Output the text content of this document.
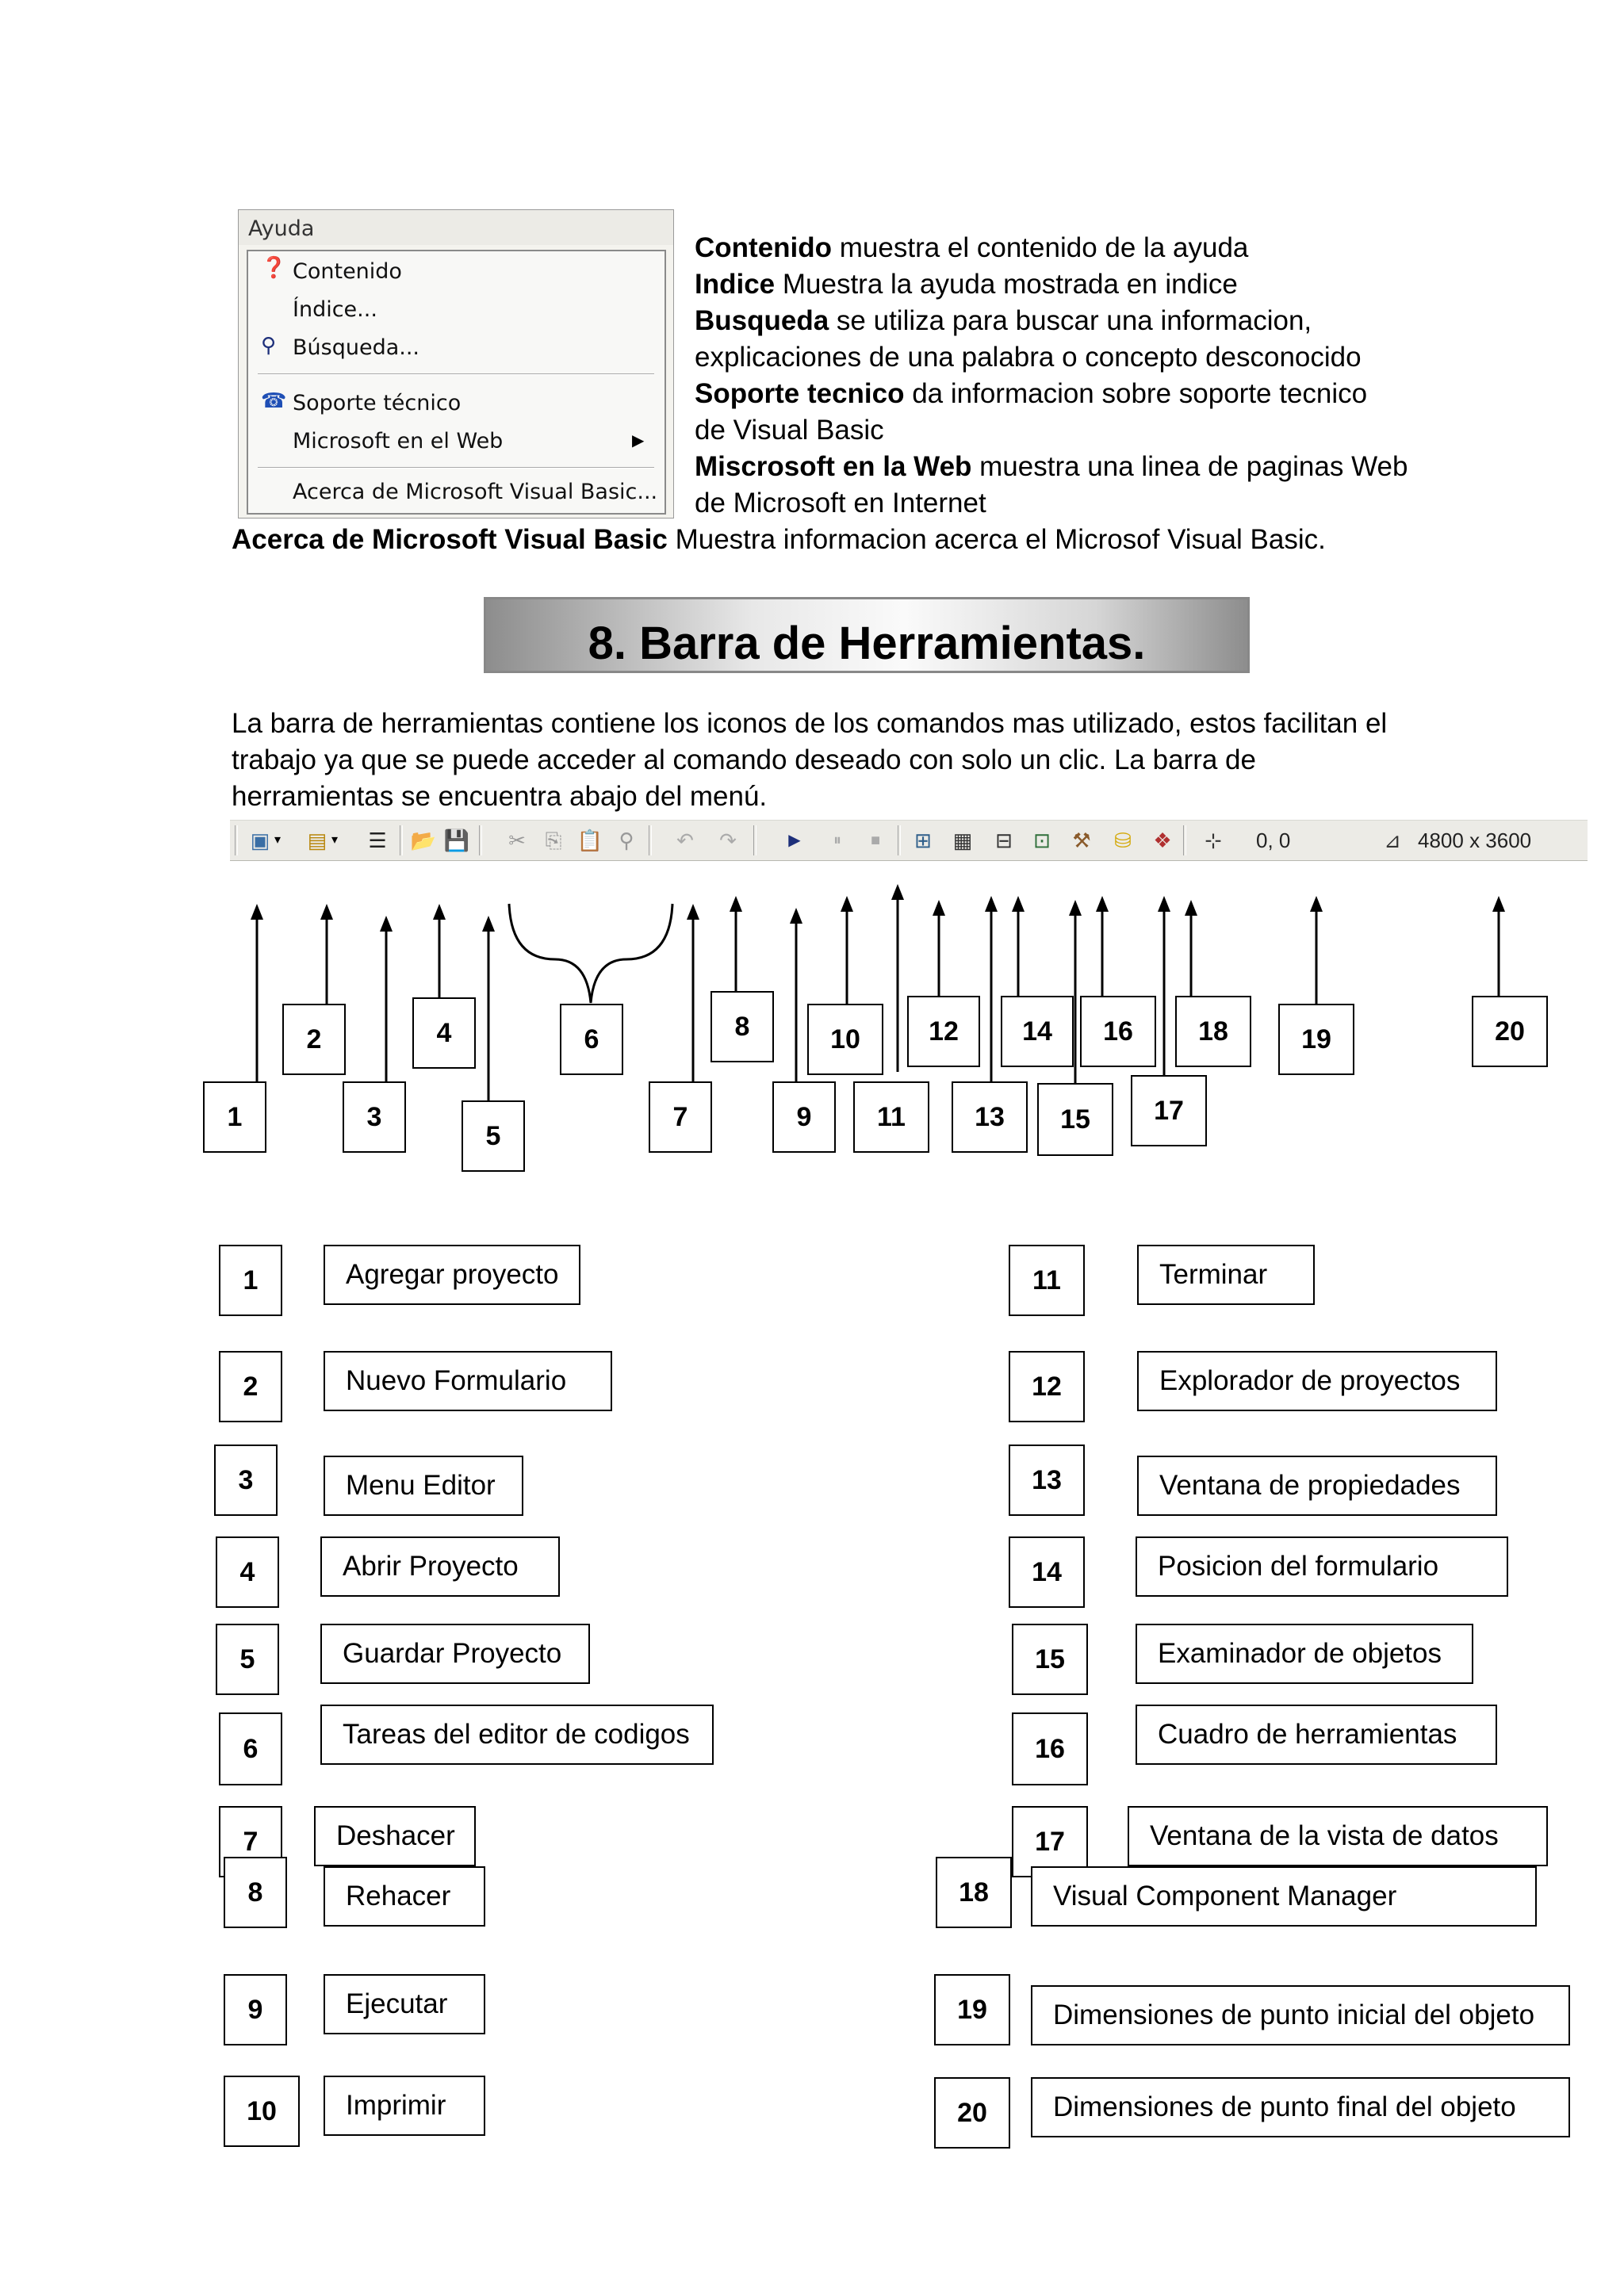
Ayuda
❓ Contenido
Índice...
⚲ Búsqueda...
☎ Soporte técnico
Microsoft en el Web	▶
Acerca de Microsoft Visual Basic...
Contenido muestra el contenido de la ayuda
Indice Muestra la ayuda mostrada en indice
Busqueda se utiliza para buscar una informacion,
explicaciones de una palabra o concepto desconocido
Soporte tecnico da informacion sobre soporte tecnico
de Visual Basic
Miscrosoft en la Web muestra una linea de paginas Web
de Microsoft en Internet
Acerca de Microsoft Visual Basic Muestra informacion acerca el Microsof Visual Basic.
8. Barra de Herramientas.
La barra de herramientas contiene los iconos de los comandos mas utilizado, estos facilitan el
trabajo ya que se puede acceder al comando deseado con solo un clic. La barra de
herramientas se encuentra abajo del menú.
▣ ▾ ▤ ▾ ☰ 📂 💾 ✂ ⎘ 📋 ⚲	↶ ↷	▶	⏸	■	⊞ ▦ ⊟ ⊡ ⚒ ⛁ ❖ ⊹ 0, 0	⊿ 4800 x 3600
1
2
3
4
5
6
7
8
9
10
11
12
13
14
15
16
17
18	19	20
1	Agregar proyecto
2	Nuevo Formulario
3	Menu Editor
4	Abrir Proyecto
5	Guardar Proyecto
6	Tareas del editor de codigos
7	Deshacer
8	Rehacer
9	Ejecutar
10	Imprimir
11	Terminar
12	Explorador de proyectos
13	Ventana de propiedades
14	Posicion del formulario
15	Examinador de objetos
16	Cuadro de herramientas
17	Ventana de la vista de datos
18	Visual Component Manager
19	Dimensiones de punto inicial del objeto
20	Dimensiones de punto final del objeto
